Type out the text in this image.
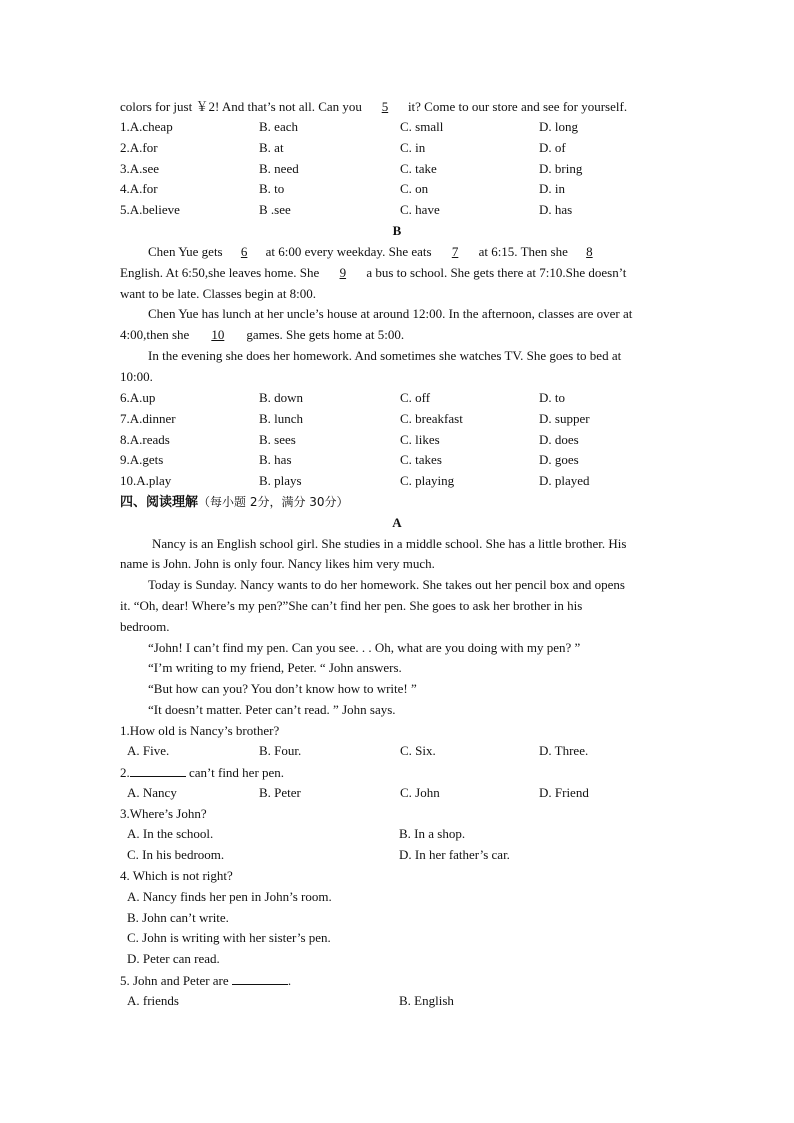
colors for just ￥2! And that’s not all. Can you 5 it? Come to our store and see for yourself.
1.A.cheap	B. each	C. small	D. long
2.A.for	B. at	C. in	D. of
3.A.see	B. need	C. take	D. bring
4.A.for	B. to	C. on	D. in
5.A.believe	B .see	C. have	D. has
B
Chen Yue gets 6 at 6:00 every weekday. She eats 7 at 6:15. Then she 8
English. At 6:50,she leaves home. She 9 a bus to school. She gets there at 7:10.She doesn’t
want to be late. Classes begin at 8:00.
Chen Yue has lunch at her uncle’s house at around 12:00. In the afternoon, classes are over at
4:00,then she 10 games. She gets home at 5:00.
In the evening she does her homework. And sometimes she watches TV. She goes to bed at
10:00.
6.A.up	B. down	C. off	D. to
7.A.dinner	B. lunch	C. breakfast	D. supper
8.A.reads	B. sees	C. likes	D. does
9.A.gets	B. has	C. takes	D. goes
10.A.play	B. plays	C. playing	D. played
四、阅读理解（每小题 2分，满分 30分）
A
Nancy is an English school girl. She studies in a middle school. She has a little brother. His
name is John. John is only four. Nancy likes him very much.
Today is Sunday. Nancy wants to do her homework. She takes out her pencil box and opens
it. “Oh, dear! Where’s my pen?”She can’t find her pen. She goes to ask her brother in his
bedroom.
“John! I can’t find my pen. Can you see. . . Oh, what are you doing with my pen? ”
“I’m writing to my friend, Peter. “ John answers.
“But how can you? You don’t know how to write! ”
“It doesn’t matter. Peter can’t read. ” John says.
1.How old is Nancy’s brother?
A. Five.	B. Four.	C. Six.	D. Three.
2.	can’t find her pen.
A. Nancy	B. Peter	C. John	D. Friend
3.Where’s John?
A. In the school.	B. In a shop.
C. In his bedroom.	D. In her father’s car.
4. Which is not right?
A. Nancy finds her pen in John’s room.
B. John can’t write.
C. John is writing with her sister’s pen.
D. Peter can read.
5. John and Peter are	.
A. friends	B. English
